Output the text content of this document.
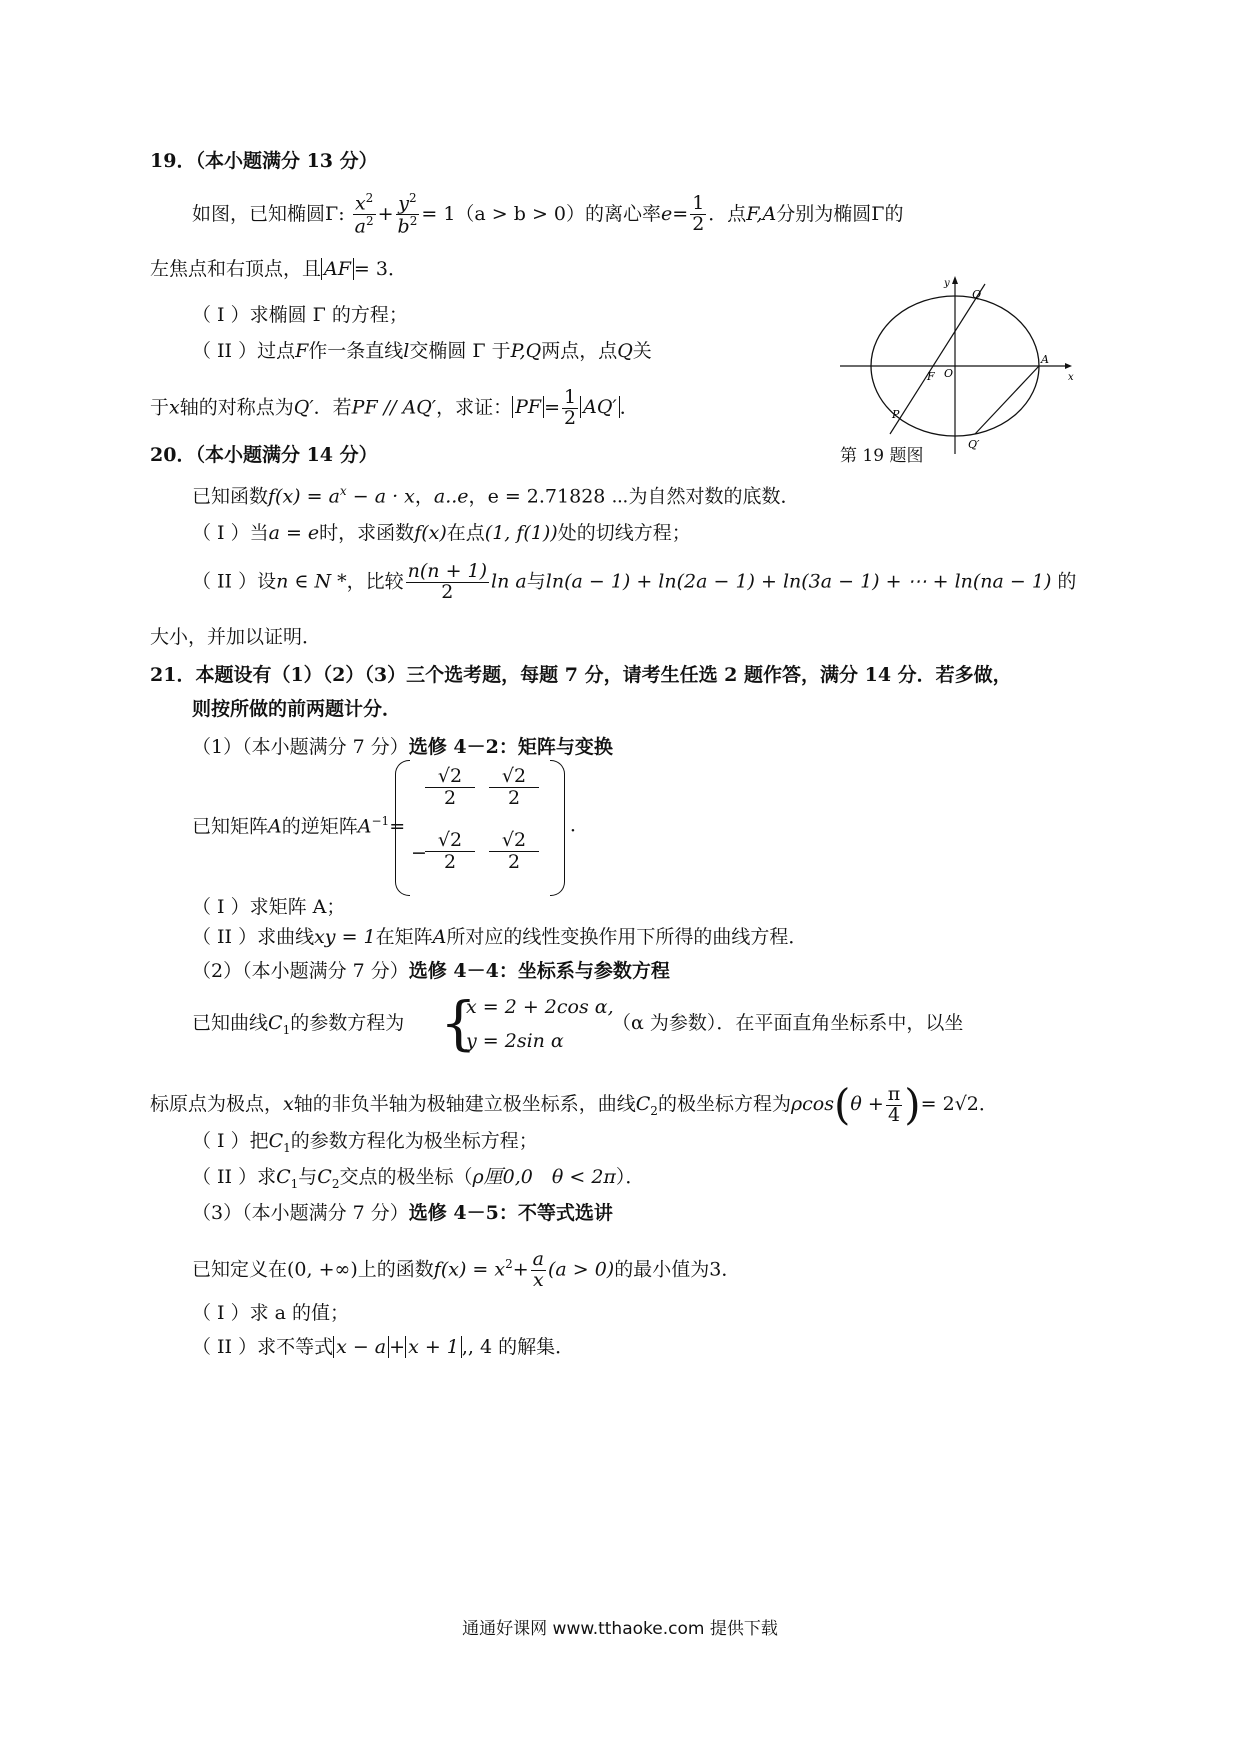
19．（本小题满分 13 分）
如图，已知椭圆Γ: $\frac{x^2}{a^2} + \frac{y^2}{b^2} = 1(a > b > 0)$的离心率$e= \frac{1}{2}$ ．点F,A分别为椭圆Γ的
左焦点和右顶点，且 AF = 3．
（ I ）求椭圆 Γ 的方程；
（ II ）过点F作一条直线l交椭圆 Γ 于P,Q两点，点Q关
于x轴的对称点为Q′．若PF // AQ′，求证： PF = $\frac{1}{2} AQ'$ ．
y
x
Q
A
F O
P
Q′
第 19 题图
20．（本小题满分 14 分）
已知函数$f(x) = a^x - a \cdot x$，a..e，e = 2.71828 ⋯为自然对数的底数．
（ I ）当a = e时，求函数f(x)在点(1, f(1))处的切线方程；
（ II ）设n ∈ N *，比较 $\frac{n(n + 1)}{2}$ ln a与ln(a − 1) + ln(2a − 1) + ln(3a − 1) + ⋯ + ln(na − 1) 的
大小，并加以证明．
21．本题设有（1）（2）（3）三个选考题，每题 7 分，请考生任选 2 题作答，满分 14 分．若多做，
则按所做的前两题计分．
（1）（本小题满分 7 分）选修 4－2：矩阵与变换
已知矩阵A的逆矩阵$A^{-1}=$
√2
2
√2
2
−
√2
2
√2
2
．
（ I ）求矩阵 A；
（ II ）求曲线xy = 1在矩阵A所对应的线性变换作用下所得的曲线方程．
（2）（本小题满分 7 分）选修 4－4：坐标系与参数方程
已知曲线$C_1$的参数方程为 {
x = 2 + 2cos α,
y = 2sin α
（α 为参数）．在平面直角坐标系中，以坐
标原点为极点，x轴的非负半轴为极轴建立极坐标系，曲线$C_2$的极坐标方程为$\rho\cos(\theta + \frac{\pi}{4}$ )= 2√2．
（ I ）把$C_1$的参数方程化为极坐标方程；
（ II ）求$C_1$与$C_2$交点的极坐标（ρ厘0,0　θ < 2π）．
（3）（本小题满分 7 分）选修 4－5：不等式选讲
已知定义在(0, +∞)上的函数$f(x) = x^2+ \frac{a}{x} (a > 0)$的最小值为3．
（ I ）求 a 的值；
（ II ）求不等式 x − a + x + 1 ,, 4 的解集．
通通好课网 www.tthaoke.com 提供下载
